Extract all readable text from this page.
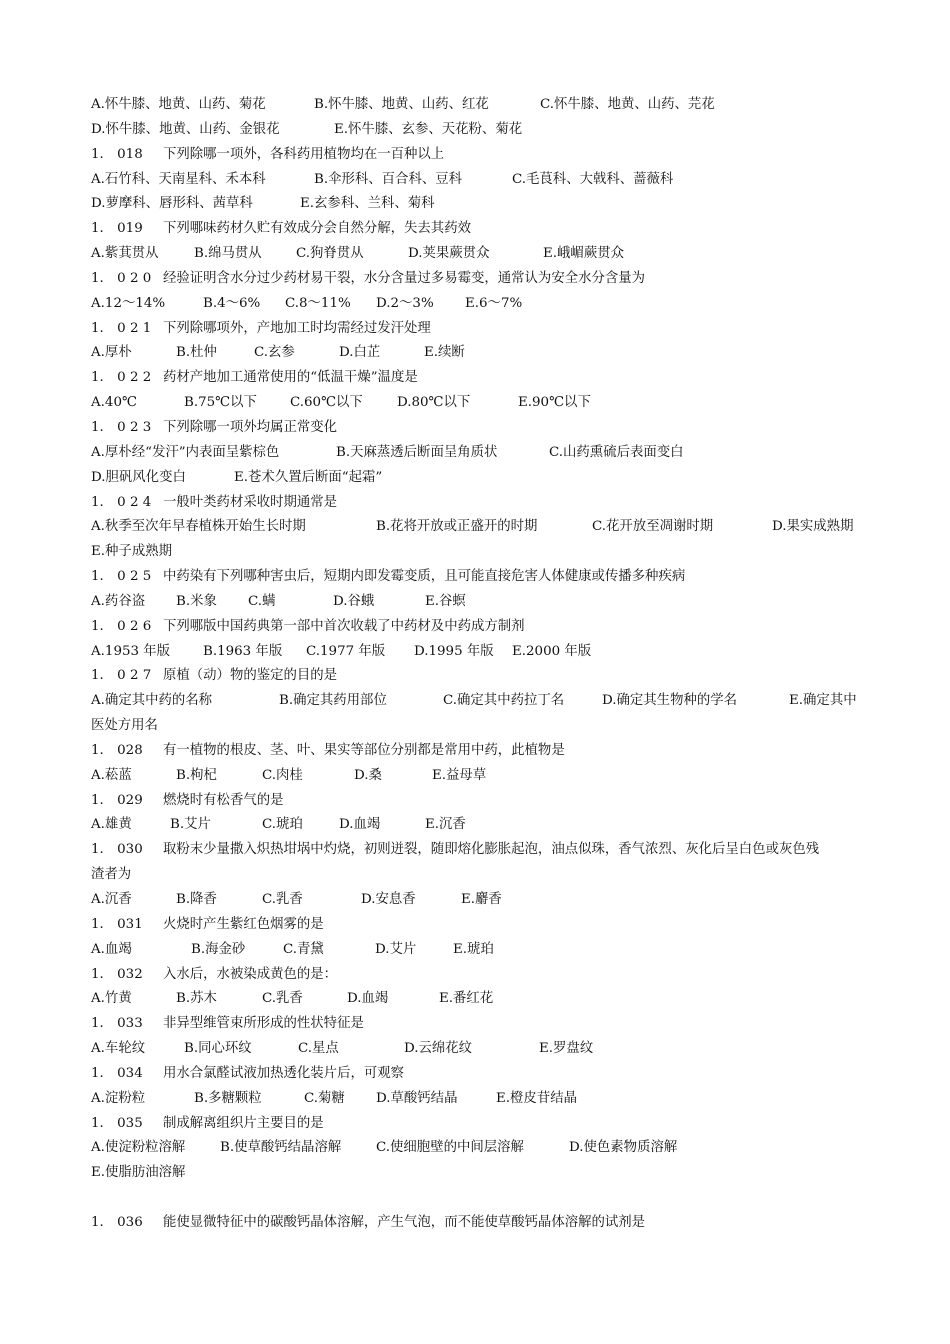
A.怀牛膝、地黄、山药、菊花	B.怀牛膝、地黄、山药、红花	C.怀牛膝、地黄、山药、芫花
D.怀牛膝、地黄、山药、金银花	E.怀牛膝、玄参、天花粉、菊花
1． 018 下列除哪一项外，各科药用植物均在一百种以上
A.石竹科、天南星科、禾本科	B.伞形科、百合科、豆科	C.毛茛科、大戟科、蔷薇科
D.萝摩科、唇形科、茜草科	E.玄参科、兰科、菊科
1． 019 下列哪味药材久贮有效成分会自然分解，失去其药效
A.紫萁贯从	B.绵马贯从	C.狗脊贯从	D.荚果蕨贯众	E.峨嵋蕨贯众
1． 0 2 0 经验证明含水分过少药材易干裂，水分含量过多易霉变，通常认为安全水分含量为
A.12～14%	B.4～6% C.8～11% D.2～3% E.6～7%
1． 0 2 1 下列除哪项外，产地加工时均需经过发汗处理
A.厚朴	B.杜仲	C.玄参	D.白芷	E.续断
1． 0 2 2 药材产地加工通常使用的“低温干燥”温度是
A.40℃	B.75℃以下 C.60℃以下	D.80℃以下	E.90℃以下
1． 0 2 3 下列除哪一项外均属正常变化
A.厚朴经“发汗”内表面呈紫棕色	B.天麻蒸透后断面呈角质状	C.山药熏硫后表面变白
D.胆矾风化变白	E.苍术久置后断面“起霜”
1． 0 2 4 一般叶类药材采收时期通常是
A.秋季至次年早春植株开始生长时期	B.花将开放或正盛开的时期	C.花开放至凋谢时期	D.果实成熟期
E.种子成熟期
1． 0 2 5 中药染有下列哪种害虫后，短期内即发霉变质，且可能直接危害人体健康或传播多种疾病
A.药谷盗 B.米象 C.螨	D.谷蛾	E.谷螟
1． 0 2 6 下列哪版中国药典第一部中首次收载了中药材及中药成方制剂
A.1953 年版 B.1963 年版 C.1977 年版 D.1995 年版 E.2000 年版
1． 0 2 7 原植（动）物的鉴定的目的是
A.确定其中药的名称	B.确定其药用部位	C.确定其中药拉丁名	D.确定其生物种的学名	E.确定其中
医处方用名
1． 028 有一植物的根皮、茎、叶、果实等部位分别都是常用中药，此植物是
A.菘蓝	B.枸杞	C.肉桂	D.桑	E.益母草
1． 029 燃烧时有松香气的是
A.雄黄	B.艾片	C.琥珀	D.血竭	E.沉香
1． 030 取粉末少量撒入炽热坩埚中灼烧，初则迸裂，随即熔化膨胀起泡，油点似珠，香气浓烈、灰化后呈白色或灰色残
渣者为
A.沉香	B.降香	C.乳香	D.安息香	E.麝香
1． 031 火烧时产生紫红色烟雾的是
A.血竭	B.海金砂	C.青黛	D.艾片	E.琥珀
1． 032 入水后，水被染成黄色的是：
A.竹黄	B.苏木	C.乳香	D.血竭	E.番红花
1． 033 非异型维管束所形成的性状特征是
A.车轮纹	B.同心环纹	C.星点	D.云绵花纹	E.罗盘纹
1． 034 用水合氯醛试液加热透化装片后，可观察
A.淀粉粒	B.多糖颗粒	C.菊糖 D.草酸钙结晶	E.橙皮苷结晶
1． 035 制成解离组织片主要目的是
A.使淀粉粒溶解	B.使草酸钙结晶溶解	C.使细胞壁的中间层溶解	D.使色素物质溶解
E.使脂肪油溶解
1． 036 能使显微特征中的碳酸钙晶体溶解，产生气泡，而不能使草酸钙晶体溶解的试剂是
